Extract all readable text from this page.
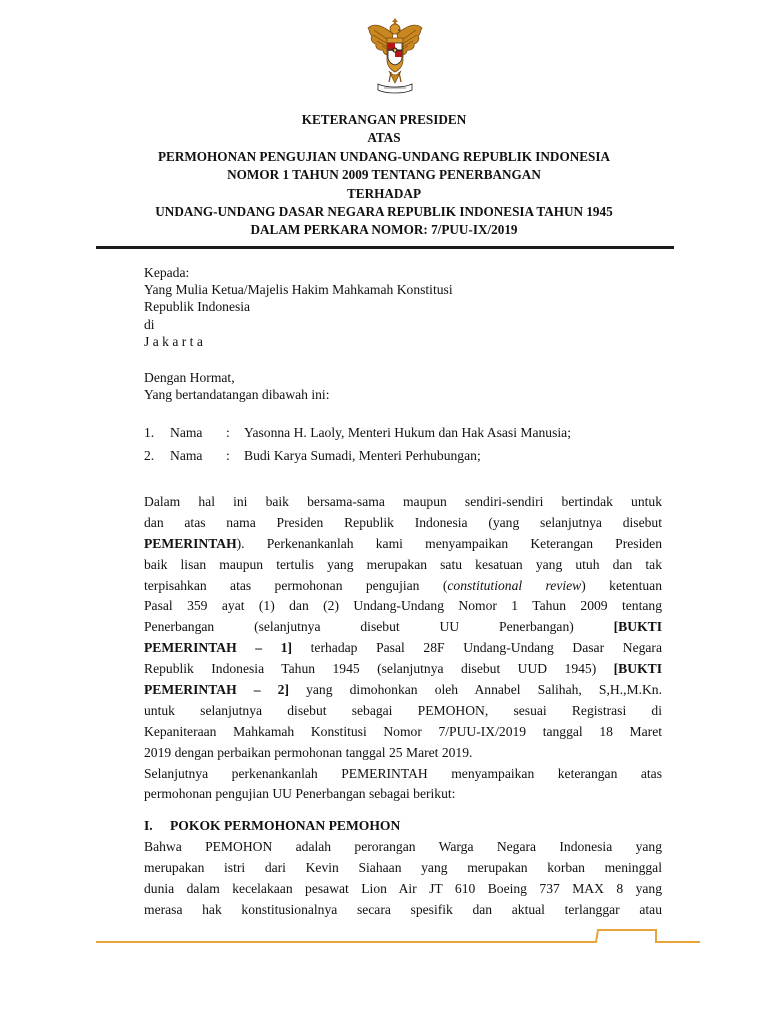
KETERANGAN PRESIDEN
ATAS
PERMOHONAN PENGUJIAN UNDANG-UNDANG REPUBLIK INDONESIA
NOMOR 1 TAHUN 2009 TENTANG PENERBANGAN
TERHADAP
UNDANG-UNDANG DASAR NEGARA REPUBLIK INDONESIA TAHUN 1945
DALAM PERKARA NOMOR: 7/PUU-IX/2019
Kepada:
Yang Mulia Ketua/Majelis Hakim Mahkamah Konstitusi
Republik Indonesia
di
Jakarta
Dengan Hormat,
Yang bertandatangan dibawah ini:
1.	Nama	:	Yasonna H. Laoly, Menteri Hukum dan Hak Asasi Manusia;
2.	Nama	:	Budi Karya Sumadi, Menteri Perhubungan;
Dalam hal ini baik bersama-sama maupun sendiri-sendiri bertindak untuk
dan atas nama Presiden Republik Indonesia (yang selanjutnya disebut
PEMERINTAH). Perkenankanlah kami menyampaikan Keterangan Presiden
baik lisan maupun tertulis yang merupakan satu kesatuan yang utuh dan tak
terpisahkan atas permohonan pengujian (constitutional review) ketentuan
Pasal 359 ayat (1) dan (2) Undang-Undang Nomor 1 Tahun 2009 tentang
Penerbangan (selanjutnya disebut UU Penerbangan) [BUKTI
PEMERINTAH – 1] terhadap Pasal 28F Undang-Undang Dasar Negara
Republik Indonesia Tahun 1945 (selanjutnya disebut UUD 1945) [BUKTI
PEMERINTAH – 2] yang dimohonkan oleh Annabel Salihah, S,H.,M.Kn.
untuk selanjutnya disebut sebagai PEMOHON, sesuai Registrasi di
Kepaniteraan Mahkamah Konstitusi Nomor 7/PUU-IX/2019 tanggal 18 Maret
2019 dengan perbaikan permohonan tanggal 25 Maret 2019.
Selanjutnya perkenankanlah PEMERINTAH menyampaikan keterangan atas
permohonan pengujian UU Penerbangan sebagai berikut:
I. POKOK PERMOHONAN PEMOHON
Bahwa PEMOHON adalah perorangan Warga Negara Indonesia yang
merupakan istri dari Kevin Siahaan yang merupakan korban meninggal
dunia dalam kecelakaan pesawat Lion Air JT 610 Boeing 737 MAX 8 yang
merasa hak konstitusionalnya secara spesifik dan aktual terlanggar atau
